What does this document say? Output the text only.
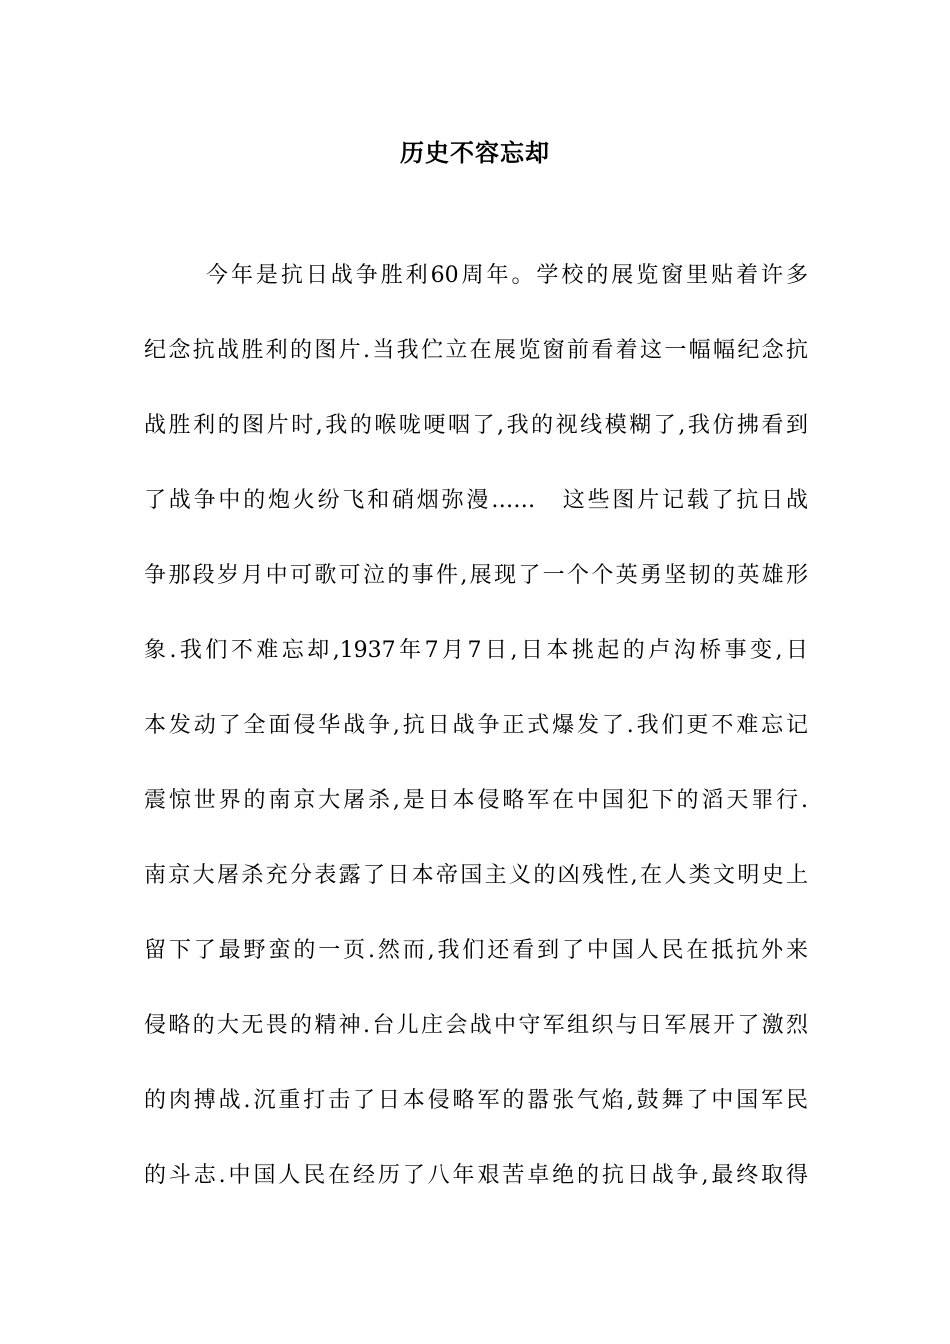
历史不容忘却
今年是抗日战争胜利60周年。学校的展览窗里贴着许多
纪念抗战胜利的图片.当我伫立在展览窗前看着这一幅幅纪念抗
战胜利的图片时,我的喉咙哽咽了,我的视线模糊了,我仿拂看到
了战争中的炮火纷飞和硝烟弥漫……　这些图片记载了抗日战
争那段岁月中可歌可泣的事件,展现了一个个英勇坚韧的英雄形
象.我们不难忘却,1937年7月7日,日本挑起的卢沟桥事变,日
本发动了全面侵华战争,抗日战争正式爆发了.我们更不难忘记
震惊世界的南京大屠杀,是日本侵略军在中国犯下的滔天罪行.
南京大屠杀充分表露了日本帝国主义的凶残性,在人类文明史上
留下了最野蛮的一页.然而,我们还看到了中国人民在抵抗外来
侵略的大无畏的精神.台儿庄会战中守军组织与日军展开了激烈
的肉搏战.沉重打击了日本侵略军的嚣张气焰,鼓舞了中国军民
的斗志.中国人民在经历了八年艰苦卓绝的抗日战争,最终取得
